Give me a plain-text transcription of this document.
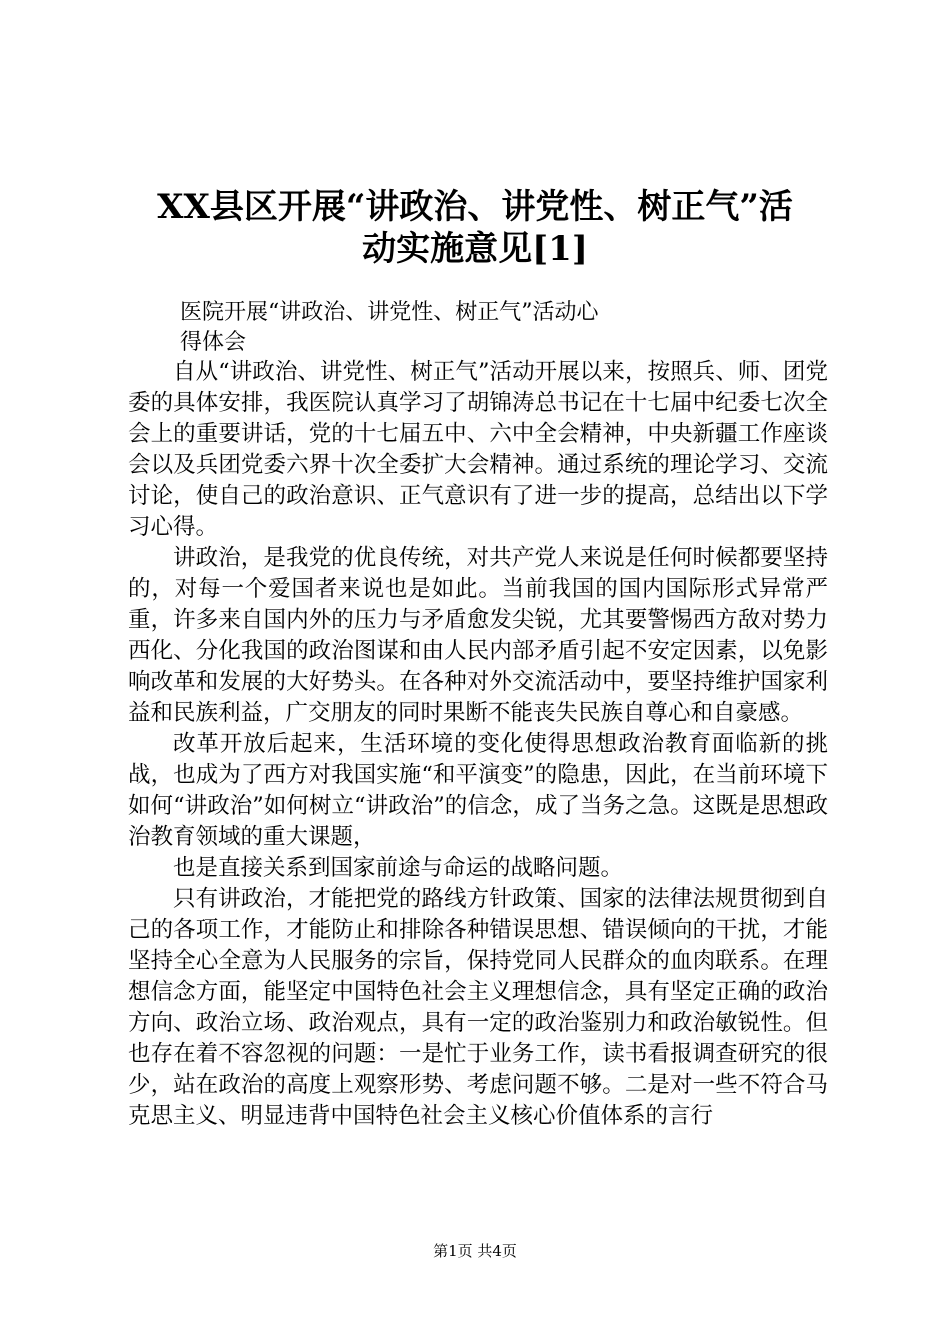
XX县区开展“讲政治、讲党性、树正气”活
动实施意见[1]
医院开展“讲政治、讲党性、树正气”活动心
得体会

自从“讲政治、讲党性、树正气”活动开展以来，按照兵、师、团党委的具体安排，我医院认真学习了胡锦涛总书记在十七届中纪委七次全会上的重要讲话，党的十七届五中、六中全会精神，中央新疆工作座谈会以及兵团党委六界十次全委扩大会精神。通过系统的理论学习、交流讨论，使自己的政治意识、正气意识有了进一步的提高，总结出以下学习心得。

讲政治，是我党的优良传统，对共产党人来说是任何时候都要坚持的，对每一个爱国者来说也是如此。当前我国的国内国际形式异常严重，许多来自国内外的压力与矛盾愈发尖锐，尤其要警惕西方敌对势力西化、分化我国的政治图谋和由人民内部矛盾引起不安定因素，以免影响改革和发展的大好势头。在各种对外交流活动中，要坚持维护国家利益和民族利益，广交朋友的同时果断不能丧失民族自尊心和自豪感。

改革开放后起来，生活环境的变化使得思想政治教育面临新的挑战，也成为了西方对我国实施“和平演变”的隐患，因此，在当前环境下如何“讲政治”如何树立“讲政治”的信念，成了当务之急。这既是思想政治教育领域的重大课题，

也是直接关系到国家前途与命运的战略问题。

只有讲政治，才能把党的路线方针政策、国家的法律法规贯彻到自己的各项工作，才能防止和排除各种错误思想、错误倾向的干扰，才能坚持全心全意为人民服务的宗旨，保持党同人民群众的血肉联系。在理想信念方面，能坚定中国特色社会主义理想信念，具有坚定正确的政治方向、政治立场、政治观点，具有一定的政治鉴别力和政治敏锐性。但也存在着不容忽视的问题：一是忙于业务工作，读书看报调查研究的很少，站在政治的高度上观察形势、考虑问题不够。二是对一些不符合马克思主义、明显违背中国特色社会主义核心价值体系的言行

第1页 共4页
